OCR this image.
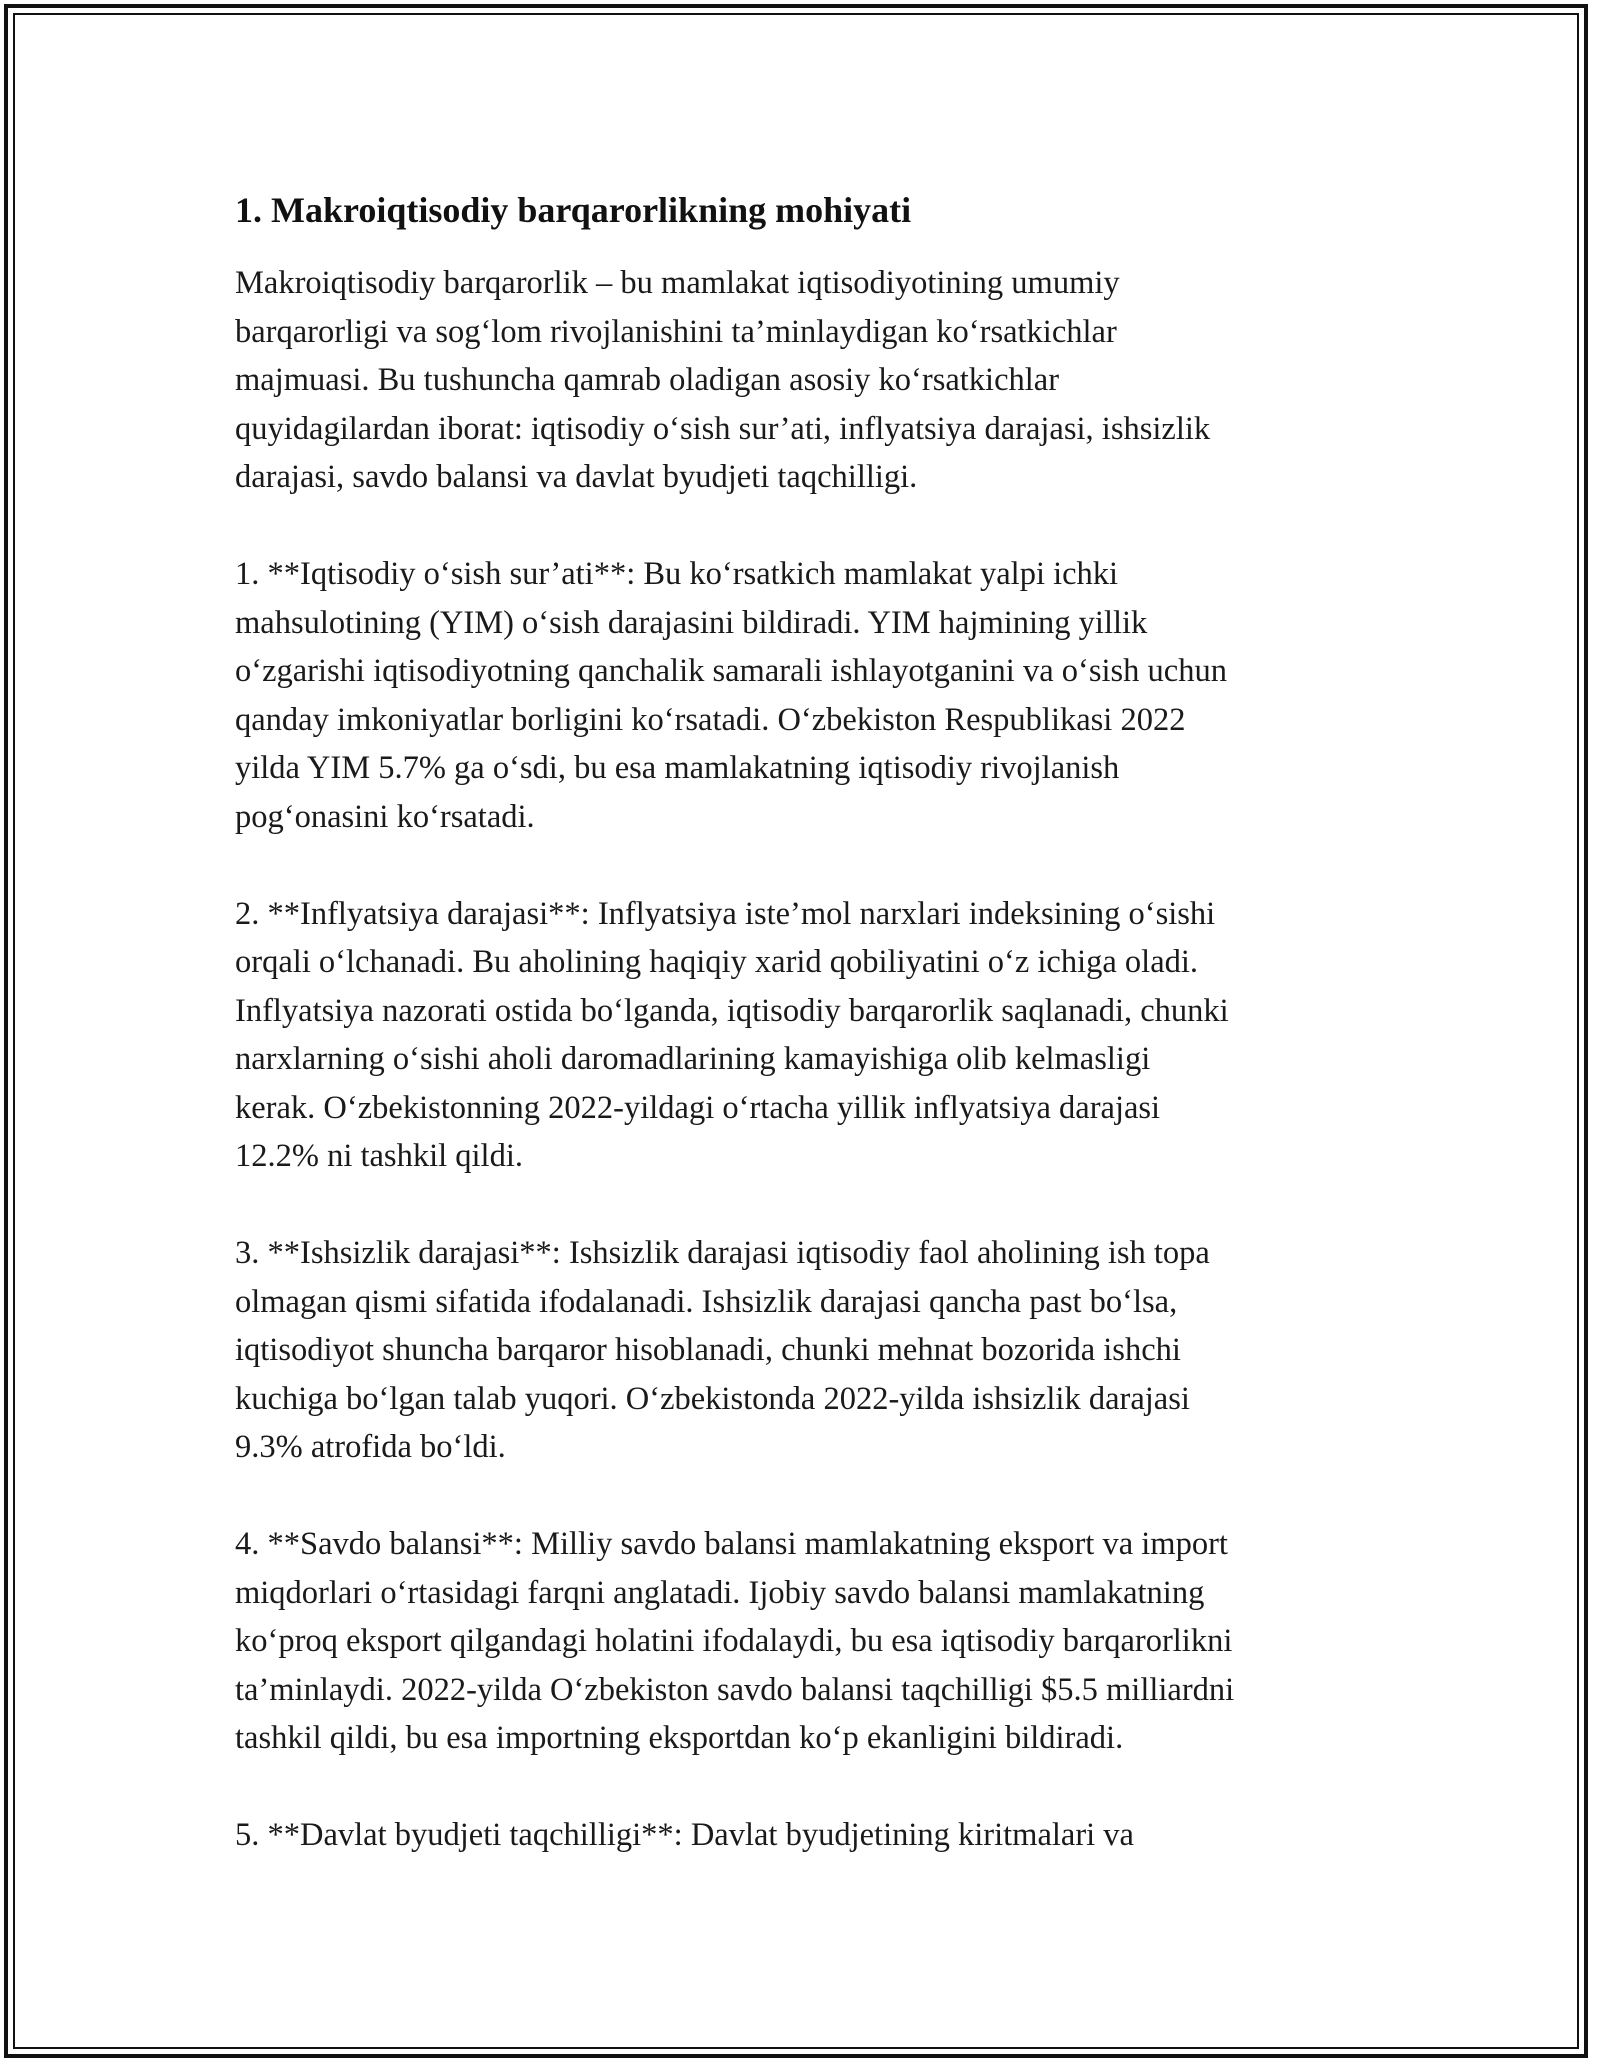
1. Makroiqtisodiy barqarorlikning mohiyati
Makroiqtisodiy barqarorlik – bu mamlakat iqtisodiyotining umumiy
barqarorligi va sog‘lom rivojlanishini ta’minlaydigan ko‘rsatkichlar
majmuasi. Bu tushuncha qamrab oladigan asosiy ko‘rsatkichlar
quyidagilardan iborat: iqtisodiy o‘sish sur’ati, inflyatsiya darajasi, ishsizlik
darajasi, savdo balansi va davlat byudjeti taqchilligi.
1. **Iqtisodiy o‘sish sur’ati**: Bu ko‘rsatkich mamlakat yalpi ichki
mahsulotining (YIM) o‘sish darajasini bildiradi. YIM hajmining yillik
o‘zgarishi iqtisodiyotning qanchalik samarali ishlayotganini va o‘sish uchun
qanday imkoniyatlar borligini ko‘rsatadi. O‘zbekiston Respublikasi 2022
yilda YIM 5.7% ga o‘sdi, bu esa mamlakatning iqtisodiy rivojlanish
pog‘onasini ko‘rsatadi.
2. **Inflyatsiya darajasi**: Inflyatsiya iste’mol narxlari indeksining o‘sishi
orqali o‘lchanadi. Bu aholining haqiqiy xarid qobiliyatini o‘z ichiga oladi.
Inflyatsiya nazorati ostida bo‘lganda, iqtisodiy barqarorlik saqlanadi, chunki
narxlarning o‘sishi aholi daromadlarining kamayishiga olib kelmasligi
kerak. O‘zbekistonning 2022-yildagi o‘rtacha yillik inflyatsiya darajasi
12.2% ni tashkil qildi.
3. **Ishsizlik darajasi**: Ishsizlik darajasi iqtisodiy faol aholining ish topa
olmagan qismi sifatida ifodalanadi. Ishsizlik darajasi qancha past bo‘lsa,
iqtisodiyot shuncha barqaror hisoblanadi, chunki mehnat bozorida ishchi
kuchiga bo‘lgan talab yuqori. O‘zbekistonda 2022-yilda ishsizlik darajasi
9.3% atrofida bo‘ldi.
4. **Savdo balansi**: Milliy savdo balansi mamlakatning eksport va import
miqdorlari o‘rtasidagi farqni anglatadi. Ijobiy savdo balansi mamlakatning
ko‘proq eksport qilgandagi holatini ifodalaydi, bu esa iqtisodiy barqarorlikni
ta’minlaydi. 2022-yilda O‘zbekiston savdo balansi taqchilligi $5.5 milliardni
tashkil qildi, bu esa importning eksportdan ko‘p ekanligini bildiradi.
5. **Davlat byudjeti taqchilligi**: Davlat byudjetining kiritmalari va
